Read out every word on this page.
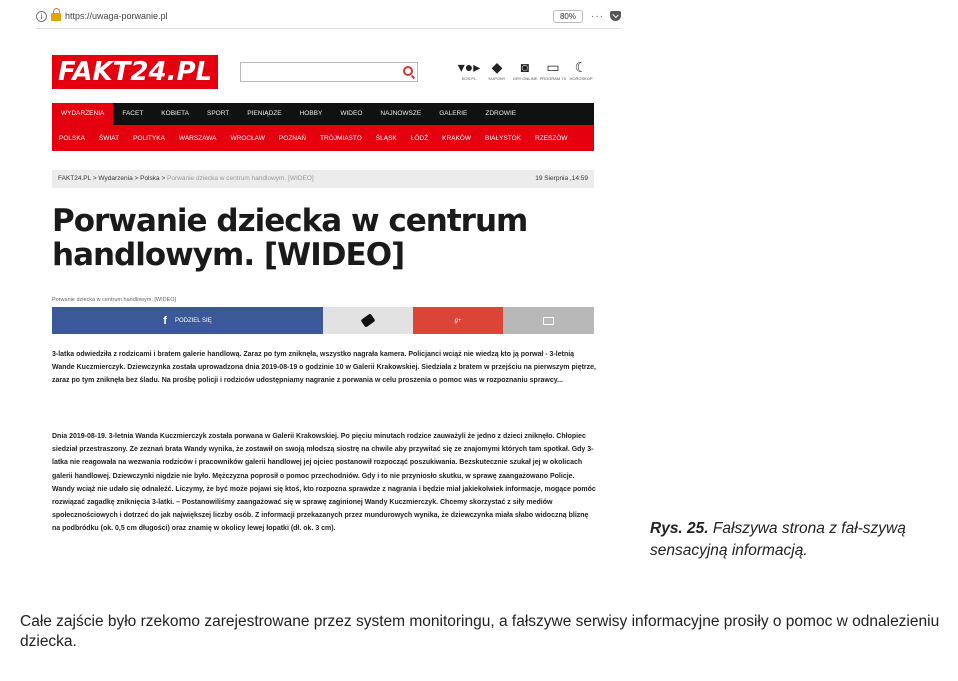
i	https://uwaga-porwanie.pl	80%	···
FAKT24.PL	▾●▸
KOS.PL
◆
KUPONY
◙
GRY ONLINE
▭
PROGRAM TV
☾
HOROSKOP
WYDARZENIA	FACET	KOBIETA	SPORT	PIENIĄDZE	HOBBY	WIDEO	NAJNOWSZE	GALERIE	ZDROWIE
POLSKA	ŚWIAT	POLITYKA	WARSZAWA	WROCŁAW	POZNAŃ	TRÓJMIASTO	ŚLĄSK	ŁÓDŹ	KRAKÓW	BIAŁYSTOK	RZESZÓW
FAKT24.PL > Wydarzenia > Polska > Porwanie dziecka w centrum handlowym. [WIDEO]	19 Sierpnia ,14:59
Porwanie dziecka w centrum handlowym. [WIDEO]
Porwanie dziecka w centrum handlowym. [WIDEO]
f PODZIEL SIĘ	g+

3-latka odwiedziła z rodzicami i bratem galerie handlową. Zaraz po tym zniknęła, wszystko nagrała kamera. Policjanci wciąż nie wiedzą kto ją porwał - 3-letnią Wande Kuczmierczyk. Dziewczynka została uprowadzona dnia 2019-08-19 o godzinie 10 w Galerii Krakowskiej. Siedziała z bratem w przejściu na pierwszym piętrze, zaraz po tym zniknęła bez śladu. Na prośbę policji i rodziców udostępniamy nagranie z porwania w celu proszenia o pomoc was w rozpoznaniu sprawcy...

Dnia 2019-08-19. 3-letnia Wanda Kuczmierczyk została porwana w Galerii Krakowskiej. Po pięciu minutach rodzice zauważyli że jedno z dzieci zniknęło. Chłopiec siedział przestraszony. Ze zeznań brata Wandy wynika, że zostawił on swoją młodszą siostrę na chwile aby przywitać się ze znajomymi których tam spotkał. Gdy 3-latka nie reagowała na wezwania rodziców i pracowników galerii handlowej jej ojciec postanowił rozpocząć poszukiwania. Bezskutecznie szukał jej w okolicach galerii handlowej. Dziewczynki nigdzie nie było. Mężczyzna poprosił o pomoc przechodniów. Gdy i to nie przyniosło skutku, w sprawę zaangażowano Policje. Wandy wciąż nie udało się odnaleźć. Liczymy, że być może pojawi się ktoś, kto rozpozna sprawdze z nagrania i będzie miał jakiekolwiek informacje, mogące pomóc rozwiązać zagadkę zniknięcia 3-latki. – Postanowiliśmy zaangażować się w sprawę zaginionej Wandy Kuczmierczyk. Chcemy skorzystać z siły mediów społecznościowych i dotrzeć do jak największej liczby osób. Z informacji przekazanych przez mundurowych wynika, że dziewczynka miała słabo widoczną bliznę na podbródku (ok. 0,5 cm długości) oraz znamię w okolicy lewej łopatki (dł. ok. 3 cm).	Rys. 25. Fałszywa strona z fał-szywą sensacyjną informacją.

Całe zajście było rzekomo zarejestrowane przez system monitoringu, a fałszywe serwisy informacyjne prosiły o pomoc w odnalezieniu dziecka.
